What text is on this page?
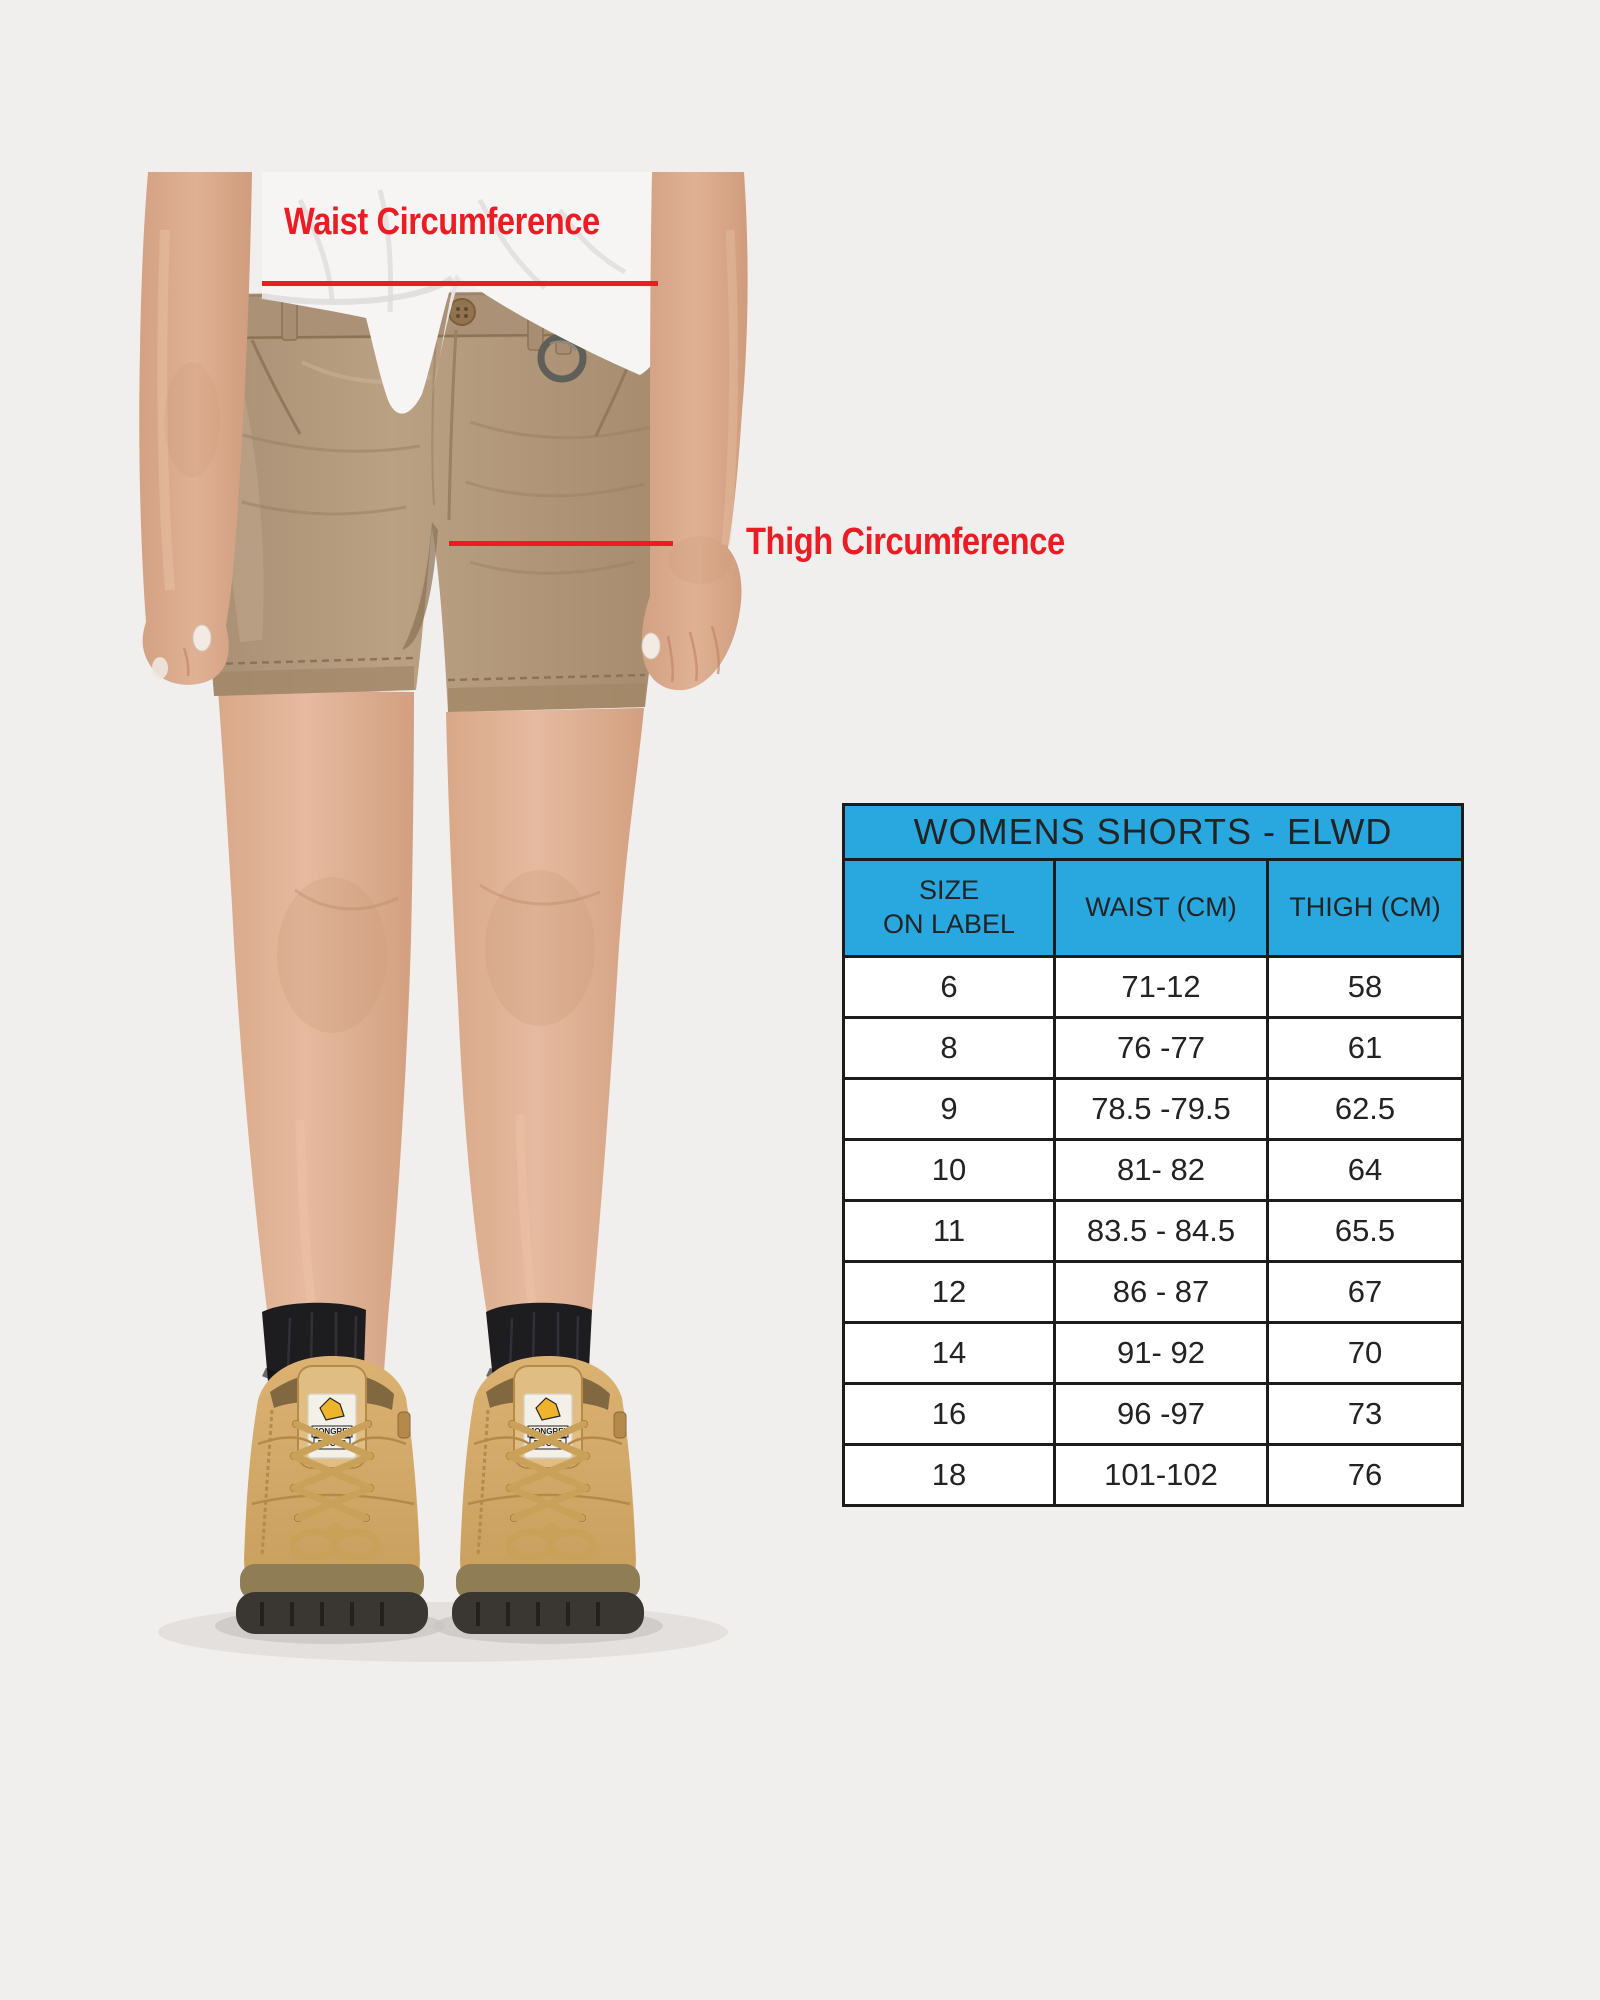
MONGREL
BOOTS
Waist Circumference
Thigh Circumference
WOMENS SHORTS - ELWD
SIZE
ON LABEL
WAIST (CM)	THIGH (CM)
6	71-12	58
8	76 -77	61
9	78.5 -79.5	62.5
10	81- 82	64
11	83.5 - 84.5	65.5
12	86 - 87	67
14	91- 92	70
16	96 -97	73
18	101-102	76
